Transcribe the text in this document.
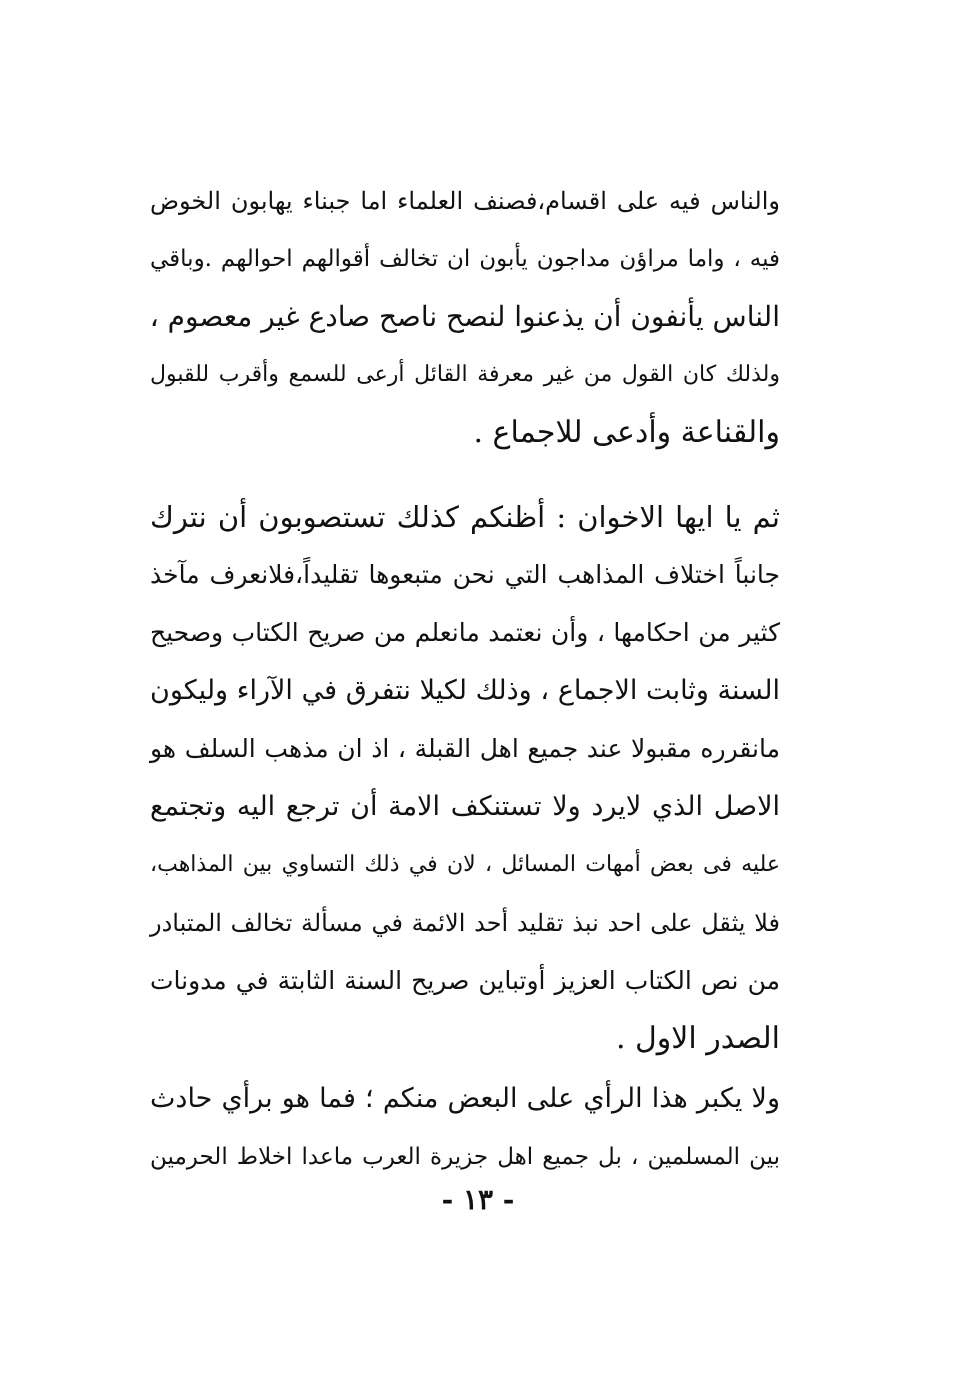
والناس فيه على اقسام،فصنف العلماء اما جبناء يهابون الخوض
فيه ، واما مراؤن مداجون يأبون ان تخالف أقوالهم احوالهم .وباقي
الناس يأنفون أن يذعنوا لنصح ناصح صادع غير معصوم ،
ولذلك كان القول من غير معرفة القائل أرعى للسمع وأقرب للقبول
والقناعة وأدعى للاجماع .

ثم يا ايها الاخوان : أظنكم كذلك تستصوبون أن نترك
جانباً اختلاف المذاهب التي نحن متبعوها تقليداً،فلانعرف مآخذ
كثير من احكامها ، وأن نعتمد مانعلم من صريح الكتاب وصحيح
السنة وثابت الاجماع ، وذلك لكيلا نتفرق في الآراء وليكون
مانقرره مقبولا عند جميع اهل القبلة ، اذ ان مذهب السلف هو
الاصل الذي لايرد ولا تستنكف الامة أن ترجع اليه وتجتمع
عليه فى بعض أمهات المسائل ، لان في ذلك التساوي بين المذاهب،
فلا يثقل على احد نبذ تقليد أحد الائمة في مسألة تخالف المتبادر
من نص الكتاب العزيز أوتباين صريح السنة الثابتة في مدونات
الصدر الاول .

ولا يكبر هذا الرأي على البعض منكم ؛ فما هو برأي حادث
بين المسلمين ، بل جميع اهل جزيرة العرب ماعدا اخلاط الحرمين

- ١٣ -
